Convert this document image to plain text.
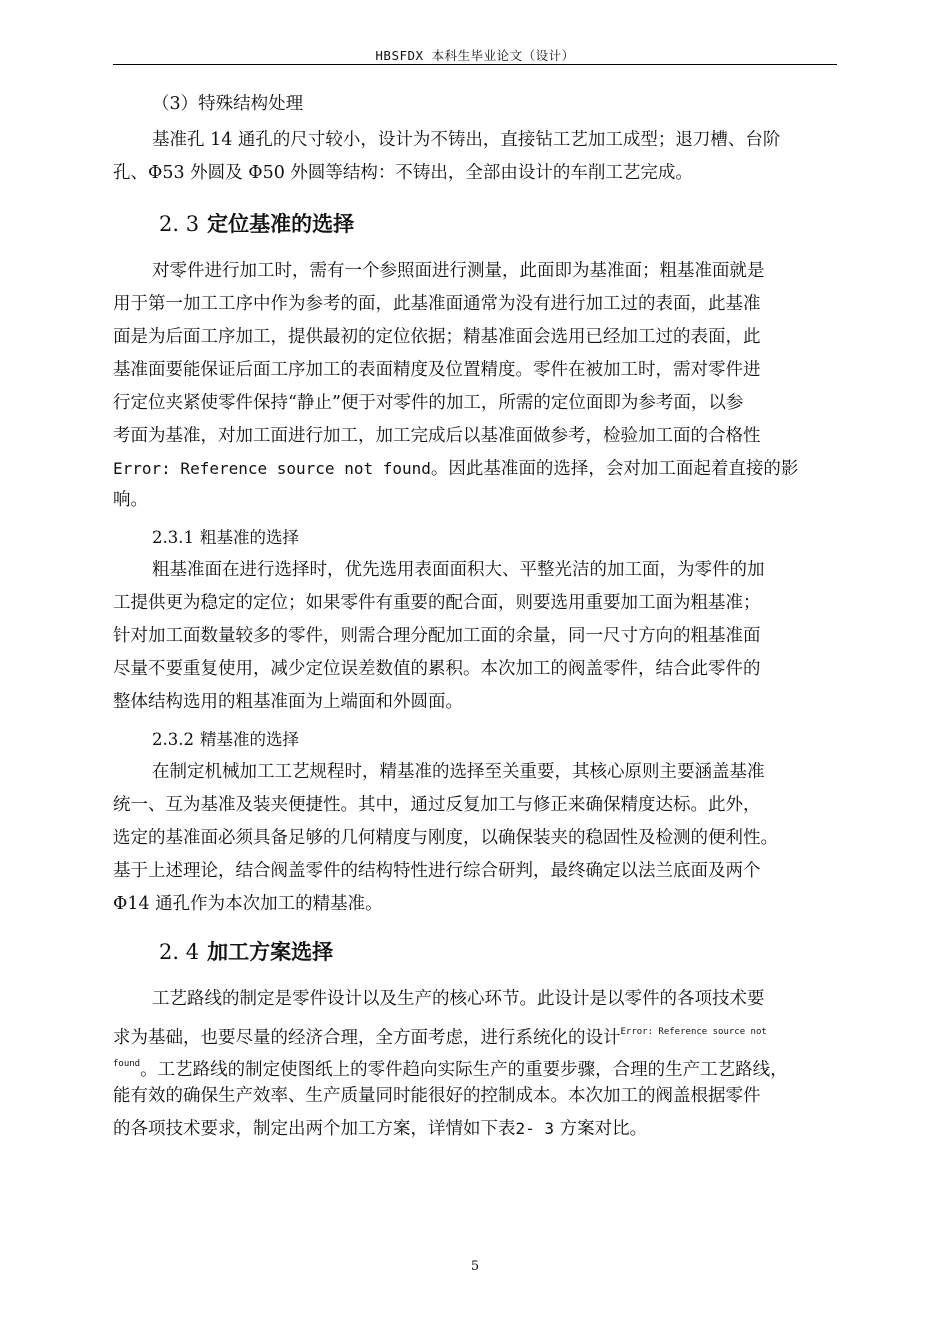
HBSFDX 本科生毕业论文（设计）
（3）特殊结构处理
基准孔 14 通孔的尺寸较小，设计为不铸出，直接钻工艺加工成型；退刀槽、台阶
孔、Φ53 外圆及 Φ50 外圆等结构：不铸出，全部由设计的车削工艺完成。
2. 3 定位基准的选择
对零件进行加工时，需有一个参照面进行测量，此面即为基准面；粗基准面就是
用于第一加工工序中作为参考的面，此基准面通常为没有进行加工过的表面，此基准
面是为后面工序加工，提供最初的定位依据；精基准面会选用已经加工过的表面，此
基准面要能保证后面工序加工的表面精度及位置精度。零件在被加工时，需对零件进
行定位夹紧使零件保持“静止”便于对零件的加工，所需的定位面即为参考面，以参
考面为基准，对加工面进行加工，加工完成后以基准面做参考，检验加工面的合格性
Error: Reference source not found。因此基准面的选择，会对加工面起着直接的影
响。
2.3.1 粗基准的选择
粗基准面在进行选择时，优先选用表面面积大、平整光洁的加工面，为零件的加
工提供更为稳定的定位；如果零件有重要的配合面，则要选用重要加工面为粗基准；
针对加工面数量较多的零件，则需合理分配加工面的余量，同一尺寸方向的粗基准面
尽量不要重复使用，减少定位误差数值的累积。本次加工的阀盖零件，结合此零件的
整体结构选用的粗基准面为上端面和外圆面。
2.3.2 精基准的选择
在制定机械加工工艺规程时，精基准的选择至关重要，其核心原则主要涵盖基准
统一、互为基准及装夹便捷性。其中，通过反复加工与修正来确保精度达标。此外，
选定的基准面必须具备足够的几何精度与刚度，以确保装夹的稳固性及检测的便利性。
基于上述理论，结合阀盖零件的结构特性进行综合研判，最终确定以法兰底面及两个
Φ14 通孔作为本次加工的精基准。
2. 4 加工方案选择
工艺路线的制定是零件设计以及生产的核心环节。此设计是以零件的各项技术要
求为基础，也要尽量的经济合理，全方面考虑，进行系统化的设计$^{Error: Reference source not}$
$^{found}$。工艺路线的制定使图纸上的零件趋向实际生产的重要步骤，合理的生产工艺路线，
能有效的确保生产效率、生产质量同时能很好的控制成本。本次加工的阀盖根据零件
的各项技术要求，制定出两个加工方案，详情如下表2- 3 方案对比。
5
